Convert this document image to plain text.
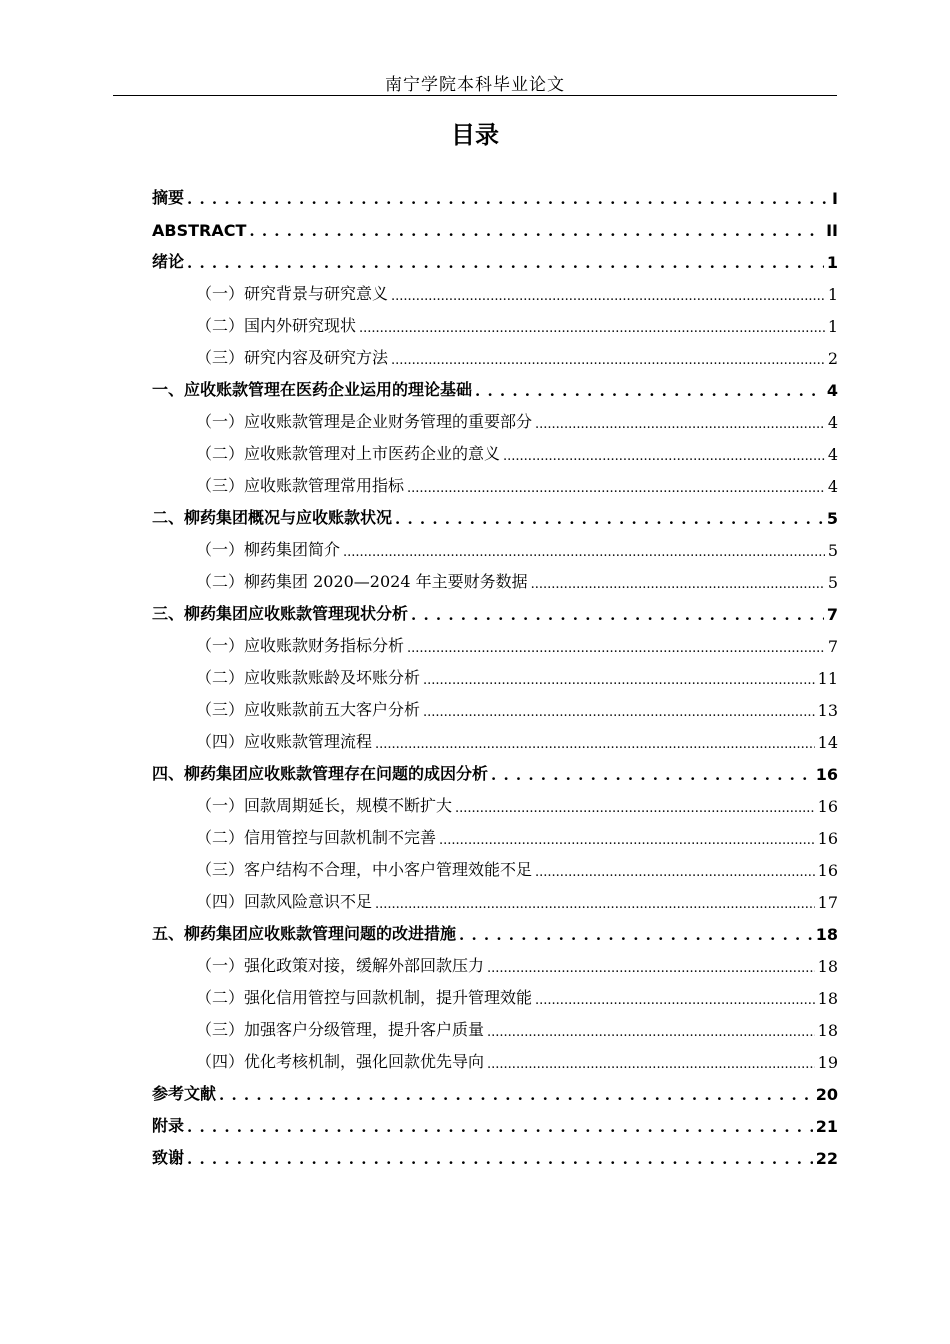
南宁学院本科毕业论文
目录
摘要 . . .	I
ABSTRACT . . .	II
绪论 . . .	1
（一）研究背景与研究意义 .....	1
（二）国内外研究现状 .....	1
（三）研究内容及研究方法 .....	2
一、应收账款管理在医药企业运用的理论基础 . . .	4
（一）应收账款管理是企业财务管理的重要部分 .....	4
（二）应收账款管理对上市医药企业的意义 .....	4
（三）应收账款管理常用指标 .....	4
二、柳药集团概况与应收账款状况 . . .	5
（一）柳药集团简介 .....	5
（二）柳药集团 2020—2024 年主要财务数据 .....	5
三、柳药集团应收账款管理现状分析 . . .	7
（一）应收账款财务指标分析 .....	7
（二）应收账款账龄及坏账分析 .....	11
（三）应收账款前五大客户分析 .....	13
（四）应收账款管理流程 .....	14
四、柳药集团应收账款管理存在问题的成因分析 . . .	16
（一）回款周期延长，规模不断扩大 .....	16
（二）信用管控与回款机制不完善 .....	16
（三）客户结构不合理，中小客户管理效能不足 .....	16
（四）回款风险意识不足 .....	17
五、柳药集团应收账款管理问题的改进措施 . . .	18
（一）强化政策对接，缓解外部回款压力 .....	18
（二）强化信用管控与回款机制，提升管理效能 .....	18
（三）加强客户分级管理，提升客户质量 .....	18
（四）优化考核机制，强化回款优先导向 .....	19
参考文献 . . .	20
附录 . . .	21
致谢 . . .	22
